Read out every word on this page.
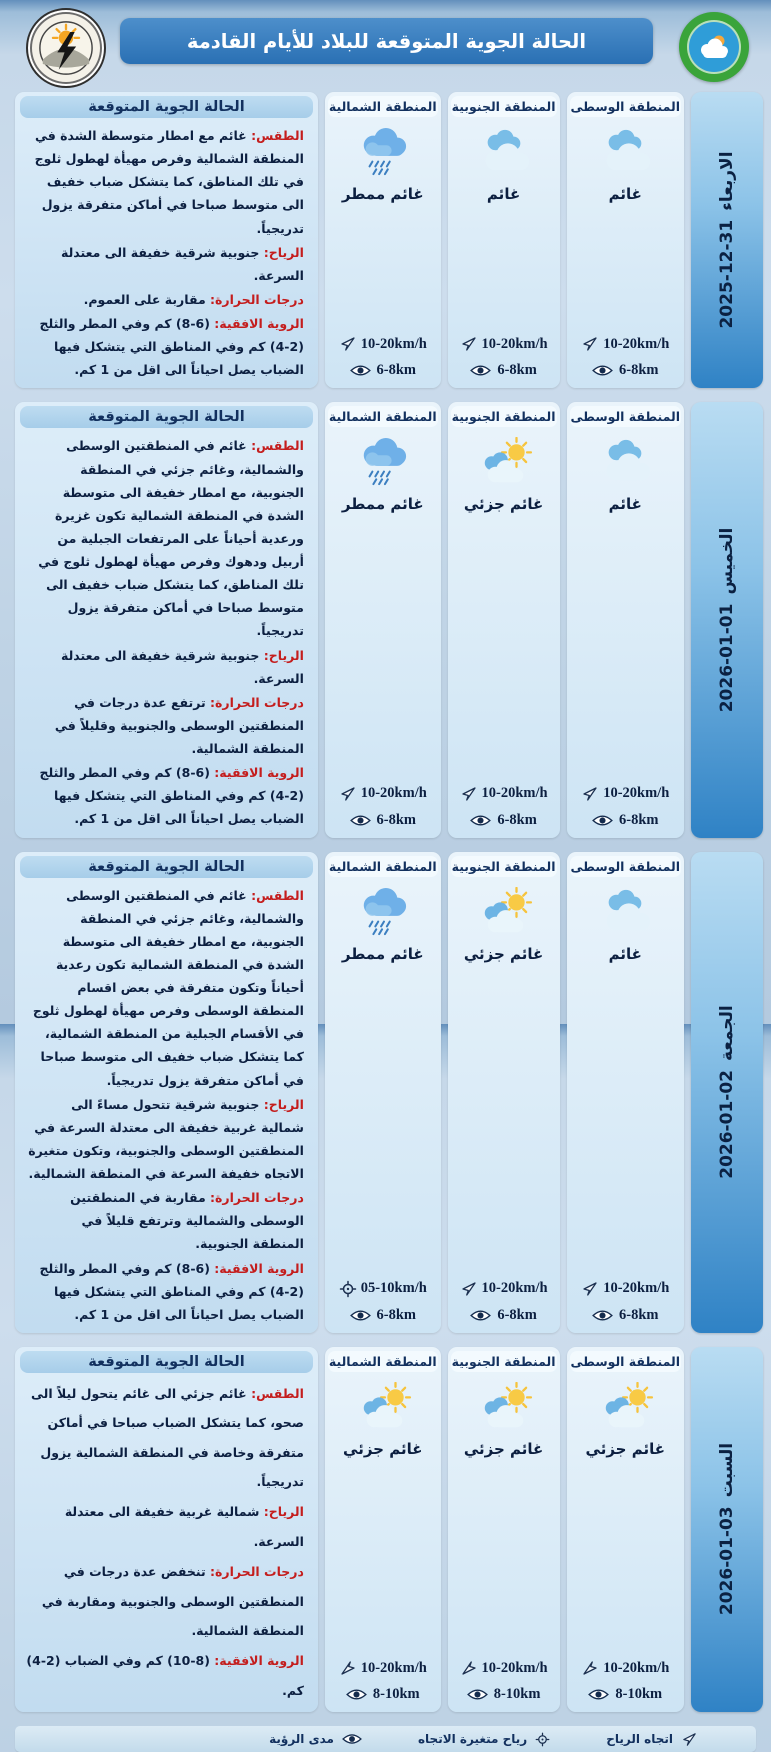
الحالة الجوية المتوقعة للبلاد للأيام القادمة
الاربعاء
2025-12-31
المنطقة الوسطى
غائم
10-20km/h
6-8km
المنطقة الجنوبية
غائم
10-20km/h
6-8km
المنطقة الشمالية
غائم ممطر
10-20km/h
6-8km
الحالة الجوية المتوقعة

الطقس: غائم مع امطار متوسطة الشدة في المنطقة الشمالية وفرص مهيأة لهطول ثلوج في تلك المناطق، كما يتشكل ضباب خفيف الى متوسط صباحا في أماكن متفرقة يزول تدريجياً.

الرياح: جنوبية شرقية خفيفة الى معتدلة السرعة.

درجات الحرارة: مقاربة على العموم.

الروية الافقية: (6-8) كم وفي المطر والثلج (2-4) كم وفي المناطق التي يتشكل فيها الضباب يصل احياناً الى اقل من 1 كم.

الخميس
2026-01-01
المنطقة الوسطى
غائم
10-20km/h
6-8km
المنطقة الجنوبية
غائم جزئي
10-20km/h
6-8km
المنطقة الشمالية
غائم ممطر
10-20km/h
6-8km
الحالة الجوية المتوقعة

الطقس: غائم في المنطقتين الوسطى والشمالية، وغائم جزئي في المنطقة الجنوبية، مع امطار خفيفة الى متوسطة الشدة في المنطقة الشمالية تكون غزيرة ورعدية أحياناً على المرتفعات الجبلية من أربيل ودهوك وفرص مهيأة لهطول ثلوج في تلك المناطق، كما يتشكل ضباب خفيف الى متوسط صباحا في أماكن متفرقة يزول تدريجياً.

الرياح: جنوبية شرقية خفيفة الى معتدلة السرعة.

درجات الحرارة: ترتفع عدة درجات في المنطقتين الوسطى والجنوبية وقليلاً في المنطقة الشمالية.

الروية الافقية: (6-8) كم وفي المطر والثلج (2-4) كم وفي المناطق التي يتشكل فيها الضباب يصل احياناً الى اقل من 1 كم.

الجمعة
2026-01-02
المنطقة الوسطى
غائم
10-20km/h
6-8km
المنطقة الجنوبية
غائم جزئي
10-20km/h
6-8km
المنطقة الشمالية
غائم ممطر
05-10km/h
6-8km
الحالة الجوية المتوقعة

الطقس: غائم في المنطقتين الوسطى والشمالية، وغائم جزئي في المنطقة الجنوبية، مع امطار خفيفة الى متوسطة الشدة في المنطقة الشمالية تكون رعدية أحياناً وتكون متفرقة في بعض اقسام المنطقة الوسطى وفرص مهيأة لهطول ثلوج في الأقسام الجبلية من المنطقة الشمالية، كما يتشكل ضباب خفيف الى متوسط صباحا في أماكن متفرقة يزول تدريجياً.

الرياح: جنوبية شرقية تتحول مساءً الى شمالية غربية خفيفة الى معتدلة السرعة في المنطقتين الوسطى والجنوبية، وتكون متغيرة الاتجاه خفيفة السرعة في المنطقة الشمالية.

درجات الحرارة: مقاربة في المنطقتين الوسطى والشمالية وترتفع قليلاً في المنطقة الجنوبية.

الروية الافقية: (6-8) كم وفي المطر والثلج (2-4) كم وفي المناطق التي يتشكل فيها الضباب يصل احياناً الى اقل من 1 كم.

السبت
2026-01-03
المنطقة الوسطى
غائم جزئي
10-20km/h
8-10km
المنطقة الجنوبية
غائم جزئي
10-20km/h
8-10km
المنطقة الشمالية
غائم جزئي
10-20km/h
8-10km
الحالة الجوية المتوقعة

الطقس: غائم جزئي الى غائم يتحول ليلاً الى صحو، كما يتشكل الضباب صباحا في أماكن متفرقة وخاصة في المنطقة الشمالية يزول تدريجياً.

الرياح: شمالية غربية خفيفة الى معتدلة السرعة.

درجات الحرارة: تنخفض عدة درجات في المنطقتين الوسطى والجنوبية ومقاربة في المنطقة الشمالية.

الروية الافقية: (8-10) كم وفي الضباب (2-4) كم.

اتجاه الرياح
رياح متغيرة الاتجاه
مدى الرؤية
